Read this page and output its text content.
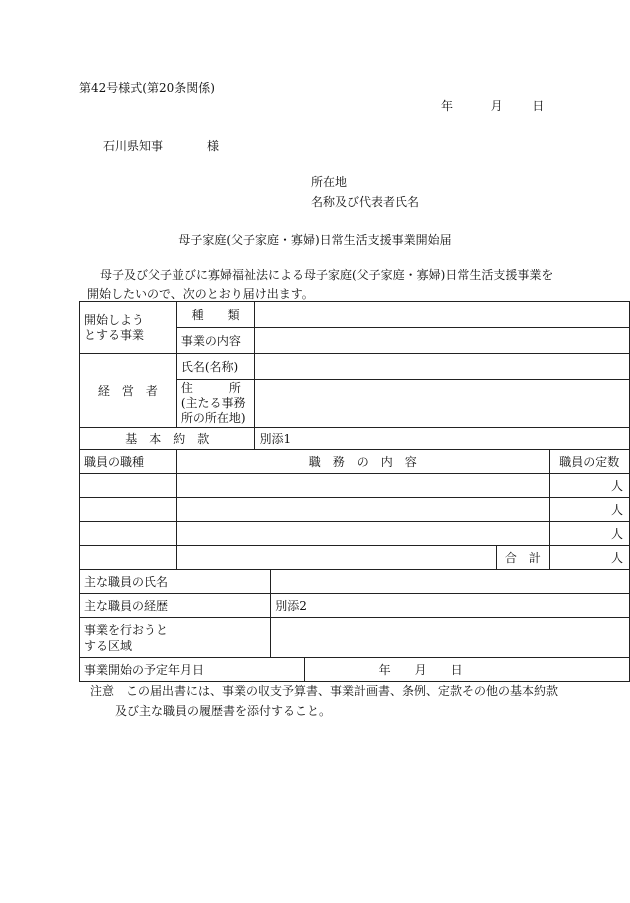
第42号様式(第20条関係)
年	月 日
石川県知事	様
所在地
名称及び代表者氏名
母子家庭(父子家庭・寡婦)日常生活支援事業開始届
母子及び父子並びに寡婦福祉法による母子家庭(父子家庭・寡婦)日常生活支援事業を
開始したいので、次のとおり届け出ます。
開始しよう
とする事業	種　　類					
	事業の内容					
経　営　者	氏名(名称)					

	住　　　所
(主たる事務
所の所在地)					

基　本　約　款		別添1				
職員の職種	職　務　の　内　容					職員の定数
						人
						人
						人
					合　計	人
主な職員の氏名						
主な職員の経歴			別添2			

事業を行おうと
する区域						

事業開始の予定年月日				年　　月　　日		
注意　この届出書には、事業の収支予算書、事業計画書、条例、定款その他の基本約款
及び主な職員の履歴書を添付すること。
